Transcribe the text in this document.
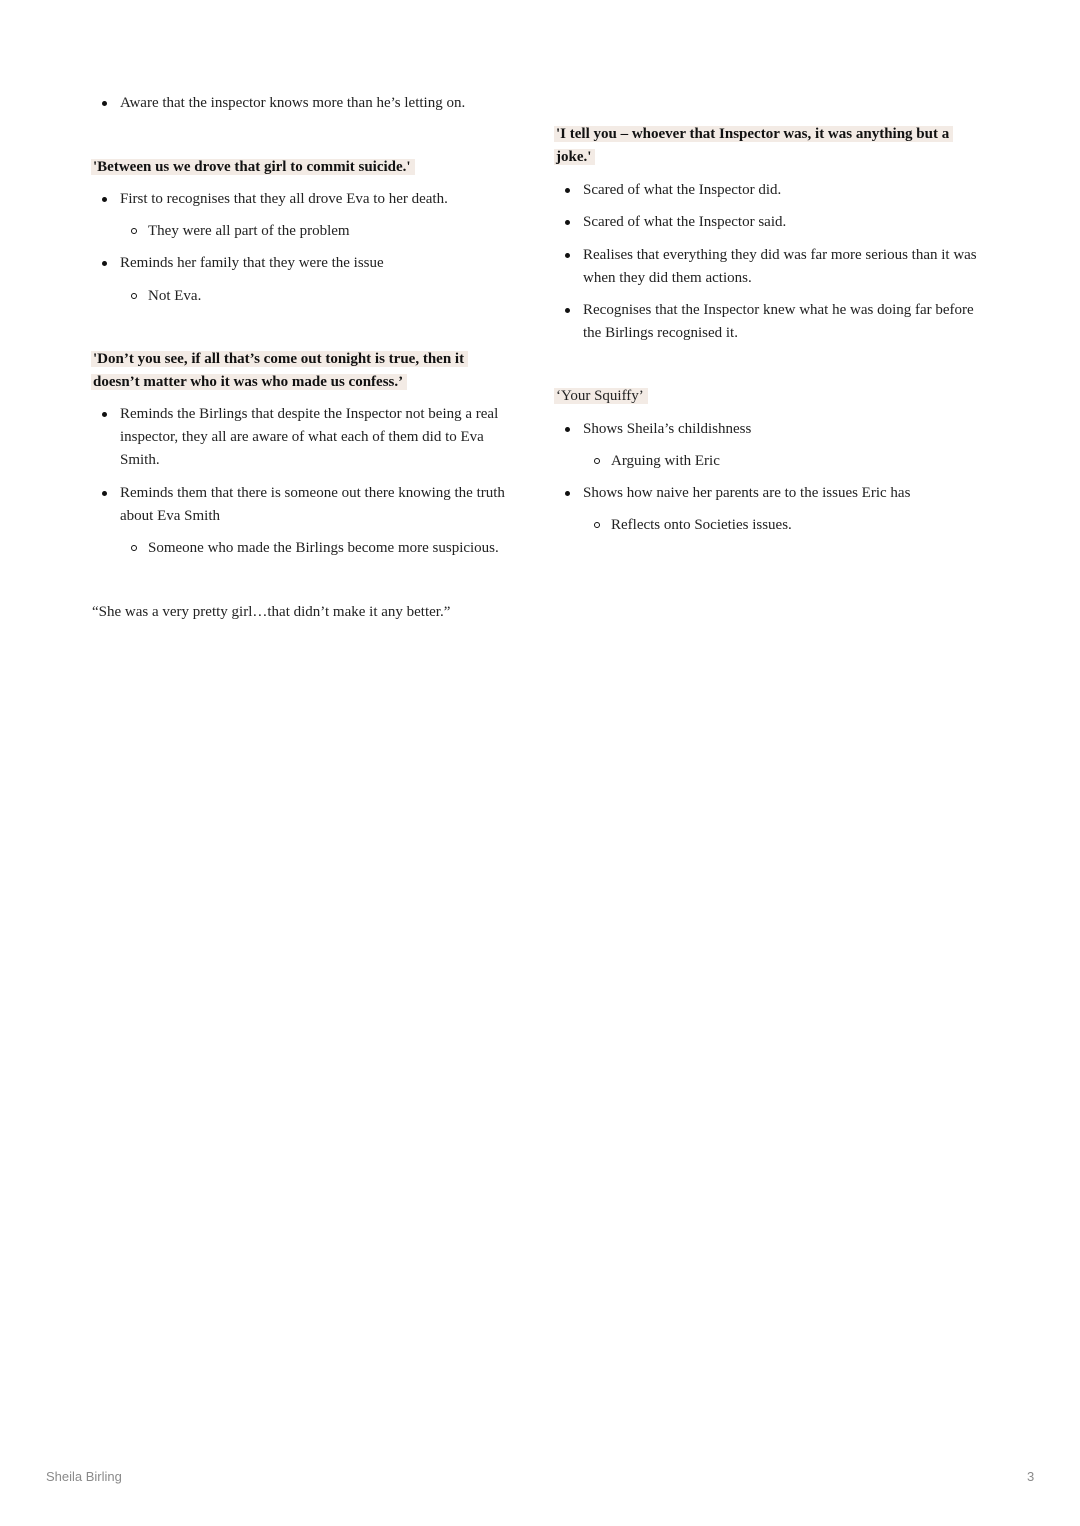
Aware that the inspector knows more than he’s letting on.
'Between us we drove that girl to commit suicide.'
First to recognises that they all drove Eva to her death.
They were all part of the problem
Reminds her family that they were the issue
Not Eva.
'Don’t you see, if all that’s come out tonight is true, then it
doesn’t matter who it was who made us confess.’
Reminds the Birlings that despite the Inspector not being a real
inspector, they all are aware of what each of them did to Eva
Smith.
Reminds them that there is someone out there knowing the truth
about Eva Smith
Someone who made the Birlings become more suspicious.
“She was a very pretty girl…that didn’t make it any better.”
'I tell you – whoever that Inspector was, it was anything but a
joke.'
Scared of what the Inspector did.
Scared of what the Inspector said.
Realises that everything they did was far more serious than it was
when they did them actions.
Recognises that the Inspector knew what he was doing far before
the Birlings recognised it.
‘Your Squiffy’
Shows Sheila’s childishness
Arguing with Eric
Shows how naive her parents are to the issues Eric has
Reflects onto Societies issues.
Sheila Birling	3
